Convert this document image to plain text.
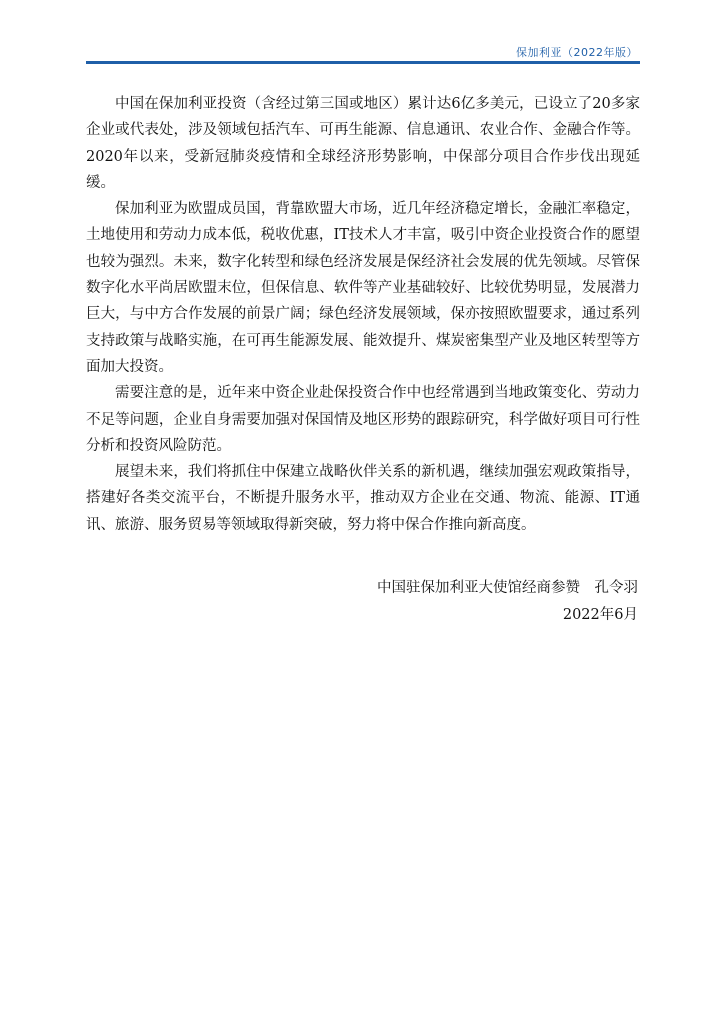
保加利亚（2022年版）

中国在保加利亚投资（含经过第三国或地区）累计达6亿多美元，已设立了20多家企业或代表处，涉及领域包括汽车、可再生能源、信息通讯、农业合作、金融合作等。2020年以来，受新冠肺炎疫情和全球经济形势影响，中保部分项目合作步伐出现延缓。

保加利亚为欧盟成员国，背靠欧盟大市场，近几年经济稳定增长，金融汇率稳定，土地使用和劳动力成本低，税收优惠，IT技术人才丰富，吸引中资企业投资合作的愿望也较为强烈。未来，数字化转型和绿色经济发展是保经济社会发展的优先领域。尽管保数字化水平尚居欧盟末位，但保信息、软件等产业基础较好、比较优势明显，发展潜力巨大，与中方合作发展的前景广阔；绿色经济发展领域，保亦按照欧盟要求，通过系列支持政策与战略实施，在可再生能源发展、能效提升、煤炭密集型产业及地区转型等方面加大投资。

需要注意的是，近年来中资企业赴保投资合作中也经常遇到当地政策变化、劳动力不足等问题，企业自身需要加强对保国情及地区形势的跟踪研究，科学做好项目可行性分析和投资风险防范。

展望未来，我们将抓住中保建立战略伙伴关系的新机遇，继续加强宏观政策指导，搭建好各类交流平台，不断提升服务水平，推动双方企业在交通、物流、能源、IT通讯、旅游、服务贸易等领域取得新突破，努力将中保合作推向新高度。

中国驻保加利亚大使馆经商参赞　孔令羽
2022年6月
